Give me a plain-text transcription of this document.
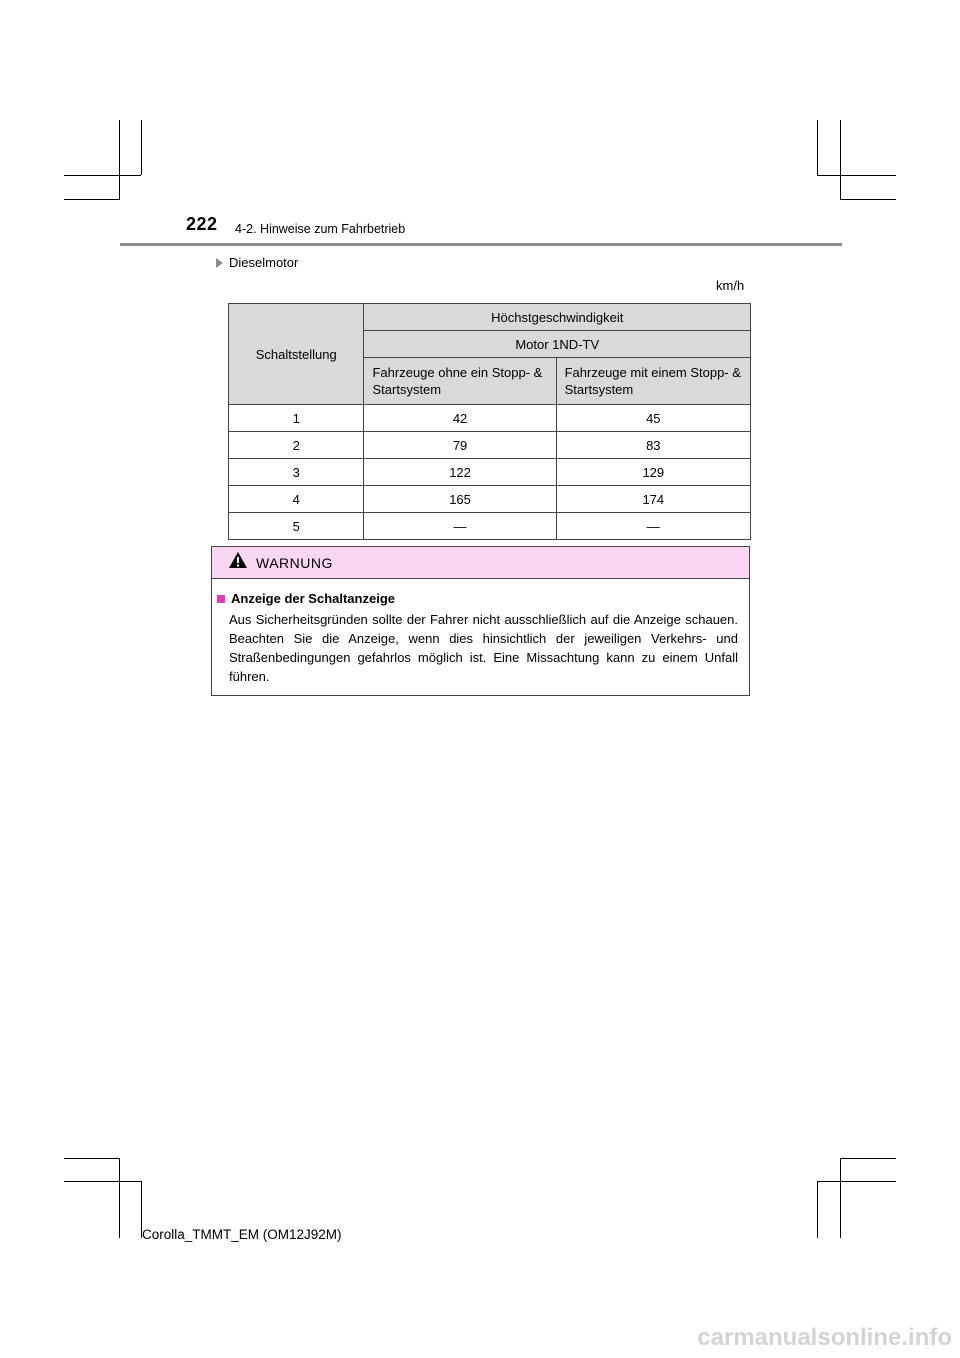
222 4-2. Hinweise zum Fahrbetrieb
Dieselmotor
km/h
Schaltstellung	Höchstgeschwindigkeit	
	Motor 1ND-TV	
	Fahrzeuge ohne ein Stopp- & Startsystem	Fahrzeuge mit einem Stopp- & Startsystem
1	42	45
2	79	83
3	122	129
4	165	174
5	—	—
WARNUNG
Anzeige der Schaltanzeige

Aus Sicherheitsgründen sollte der Fahrer nicht ausschließlich auf die Anzeige schauen. Beachten Sie die Anzeige, wenn dies hinsichtlich der jeweiligen Verkehrs- und Straßenbedingungen gefahrlos möglich ist. Eine Missachtung kann zu einem Unfall führen.

Corolla_TMMT_EM (OM12J92M)
carmanualsonline.info
